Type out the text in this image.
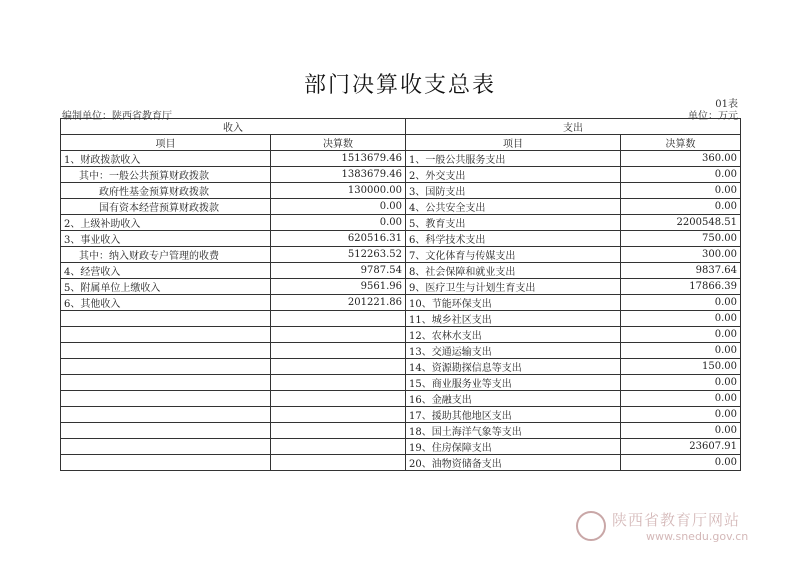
部门决算收支总表
01表
编制单位：陕西省教育厅	单位：万元
收入		支出	
项目	决算数	项目	决算数
1、财政拨款收入	1513679.46	1、一般公共服务支出	360.00
其中：一般公共预算财政拨款	1383679.46	2、外交支出	0.00
政府性基金预算财政拨款	130000.00	3、国防支出	0.00
国有资本经营预算财政拨款	0.00	4、公共安全支出	0.00
2、上级补助收入	0.00	5、教育支出	2200548.51
3、事业收入	620516.31	6、科学技术支出	750.00
其中：纳入财政专户管理的收费	512263.52	7、文化体育与传媒支出	300.00
4、经营收入	9787.54	8、社会保障和就业支出	9837.64
5、附属单位上缴收入	9561.96	9、医疗卫生与计划生育支出	17866.39
6、其他收入	201221.86	10、节能环保支出	0.00
		11、城乡社区支出	0.00
		12、农林水支出	0.00
		13、交通运输支出	0.00
		14、资源勘探信息等支出	150.00
		15、商业服务业等支出	0.00
		16、金融支出	0.00
		17、援助其他地区支出	0.00
		18、国土海洋气象等支出	0.00
		19、住房保障支出	23607.91
		20、油物资储备支出	0.00
陕西省教育厅网站
www.snedu.gov.cn
